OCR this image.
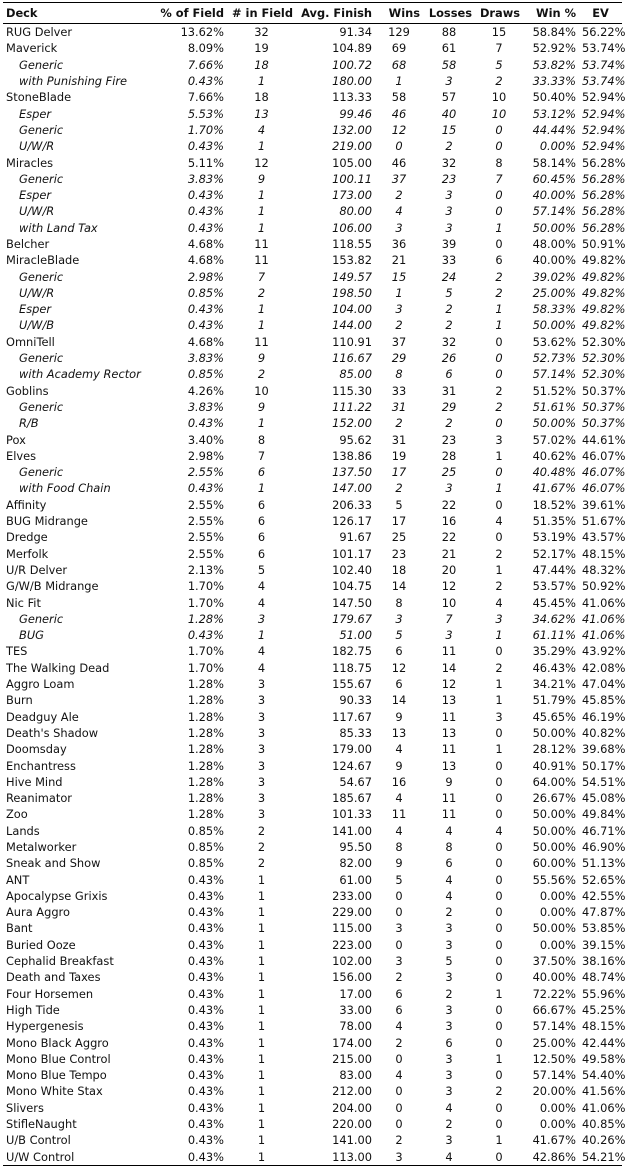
Deck	% of Field	# in Field	Avg. Finish	Wins	Losses	Draws	Win %	EV
RUG Delver	13.62%	32	91.34	129	88	15	58.84%	56.22%
Maverick	8.09%	19	104.89	69	61	7	52.92%	53.74%
Generic	7.66%	18	100.72	68	58	5	53.82%	53.74%
with Punishing Fire	0.43%	1	180.00	1	3	2	33.33%	53.74%
StoneBlade	7.66%	18	113.33	58	57	10	50.40%	52.94%
Esper	5.53%	13	99.46	46	40	10	53.12%	52.94%
Generic	1.70%	4	132.00	12	15	0	44.44%	52.94%
U/W/R	0.43%	1	219.00	0	2	0	0.00%	52.94%
Miracles	5.11%	12	105.00	46	32	8	58.14%	56.28%
Generic	3.83%	9	100.11	37	23	7	60.45%	56.28%
Esper	0.43%	1	173.00	2	3	0	40.00%	56.28%
U/W/R	0.43%	1	80.00	4	3	0	57.14%	56.28%
with Land Tax	0.43%	1	106.00	3	3	1	50.00%	56.28%
Belcher	4.68%	11	118.55	36	39	0	48.00%	50.91%
MiracleBlade	4.68%	11	153.82	21	33	6	40.00%	49.82%
Generic	2.98%	7	149.57	15	24	2	39.02%	49.82%
U/W/R	0.85%	2	198.50	1	5	2	25.00%	49.82%
Esper	0.43%	1	104.00	3	2	1	58.33%	49.82%
U/W/B	0.43%	1	144.00	2	2	1	50.00%	49.82%
OmniTell	4.68%	11	110.91	37	32	0	53.62%	52.30%
Generic	3.83%	9	116.67	29	26	0	52.73%	52.30%
with Academy Rector	0.85%	2	85.00	8	6	0	57.14%	52.30%
Goblins	4.26%	10	115.30	33	31	2	51.52%	50.37%
Generic	3.83%	9	111.22	31	29	2	51.61%	50.37%
R/B	0.43%	1	152.00	2	2	0	50.00%	50.37%
Pox	3.40%	8	95.62	31	23	3	57.02%	44.61%
Elves	2.98%	7	138.86	19	28	1	40.62%	46.07%
Generic	2.55%	6	137.50	17	25	0	40.48%	46.07%
with Food Chain	0.43%	1	147.00	2	3	1	41.67%	46.07%
Affinity	2.55%	6	206.33	5	22	0	18.52%	39.61%
BUG Midrange	2.55%	6	126.17	17	16	4	51.35%	51.67%
Dredge	2.55%	6	91.67	25	22	0	53.19%	43.57%
Merfolk	2.55%	6	101.17	23	21	2	52.17%	48.15%
U/R Delver	2.13%	5	102.40	18	20	1	47.44%	48.32%
G/W/B Midrange	1.70%	4	104.75	14	12	2	53.57%	50.92%
Nic Fit	1.70%	4	147.50	8	10	4	45.45%	41.06%
Generic	1.28%	3	179.67	3	7	3	34.62%	41.06%
BUG	0.43%	1	51.00	5	3	1	61.11%	41.06%
TES	1.70%	4	182.75	6	11	0	35.29%	43.92%
The Walking Dead	1.70%	4	118.75	12	14	2	46.43%	42.08%
Aggro Loam	1.28%	3	155.67	6	12	1	34.21%	47.04%
Burn	1.28%	3	90.33	14	13	1	51.79%	45.85%
Deadguy Ale	1.28%	3	117.67	9	11	3	45.65%	46.19%
Death's Shadow	1.28%	3	85.33	13	13	0	50.00%	40.82%
Doomsday	1.28%	3	179.00	4	11	1	28.12%	39.68%
Enchantress	1.28%	3	124.67	9	13	0	40.91%	50.17%
Hive Mind	1.28%	3	54.67	16	9	0	64.00%	54.51%
Reanimator	1.28%	3	185.67	4	11	0	26.67%	45.08%
Zoo	1.28%	3	101.33	11	11	0	50.00%	49.84%
Lands	0.85%	2	141.00	4	4	4	50.00%	46.71%
Metalworker	0.85%	2	95.50	8	8	0	50.00%	46.90%
Sneak and Show	0.85%	2	82.00	9	6	0	60.00%	51.13%
ANT	0.43%	1	61.00	5	4	0	55.56%	52.65%
Apocalypse Grixis	0.43%	1	233.00	0	4	0	0.00%	42.55%
Aura Aggro	0.43%	1	229.00	0	2	0	0.00%	47.87%
Bant	0.43%	1	115.00	3	3	0	50.00%	53.85%
Buried Ooze	0.43%	1	223.00	0	3	0	0.00%	39.15%
Cephalid Breakfast	0.43%	1	102.00	3	5	0	37.50%	38.16%
Death and Taxes	0.43%	1	156.00	2	3	0	40.00%	48.74%
Four Horsemen	0.43%	1	17.00	6	2	1	72.22%	55.96%
High Tide	0.43%	1	33.00	6	3	0	66.67%	45.25%
Hypergenesis	0.43%	1	78.00	4	3	0	57.14%	48.15%
Mono Black Aggro	0.43%	1	174.00	2	6	0	25.00%	42.44%
Mono Blue Control	0.43%	1	215.00	0	3	1	12.50%	49.58%
Mono Blue Tempo	0.43%	1	83.00	4	3	0	57.14%	54.40%
Mono White Stax	0.43%	1	212.00	0	3	2	20.00%	41.56%
Slivers	0.43%	1	204.00	0	4	0	0.00%	41.06%
StifleNaught	0.43%	1	220.00	0	2	0	0.00%	40.85%
U/B Control	0.43%	1	141.00	2	3	1	41.67%	40.26%
U/W Control	0.43%	1	113.00	3	4	0	42.86%	54.21%
